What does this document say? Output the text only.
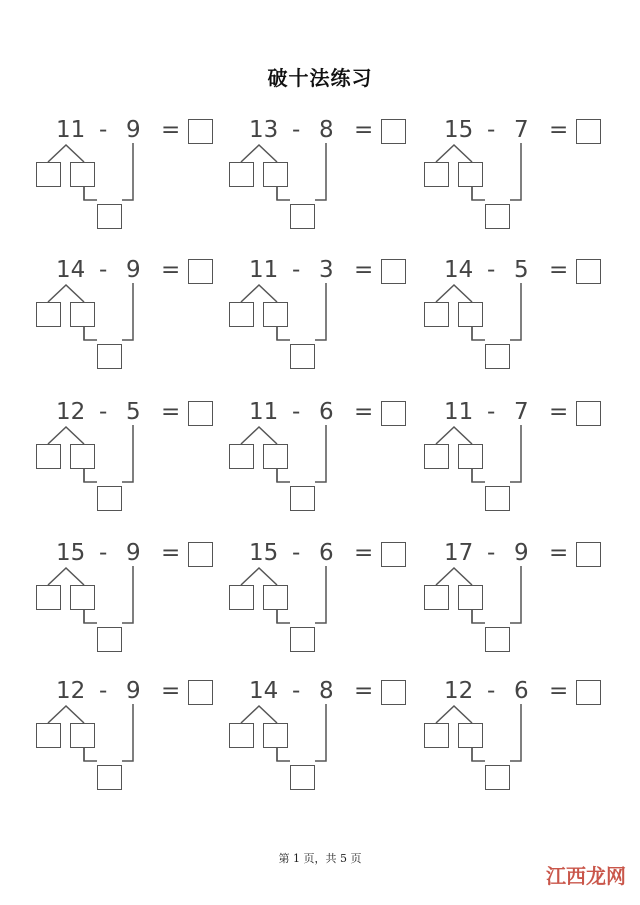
破十法练习
11 - 9 =	13 - 8 =	15 - 7 =
14 - 9 =	11 - 3 =	14 - 5 =
12 - 5 =	11 - 6 =	11 - 7 =
15 - 9 =	15 - 6 =	17 - 9 =
12 - 9 =	14 - 8 =	12 - 6 =
第 1 页，共 5 页
江西龙网
